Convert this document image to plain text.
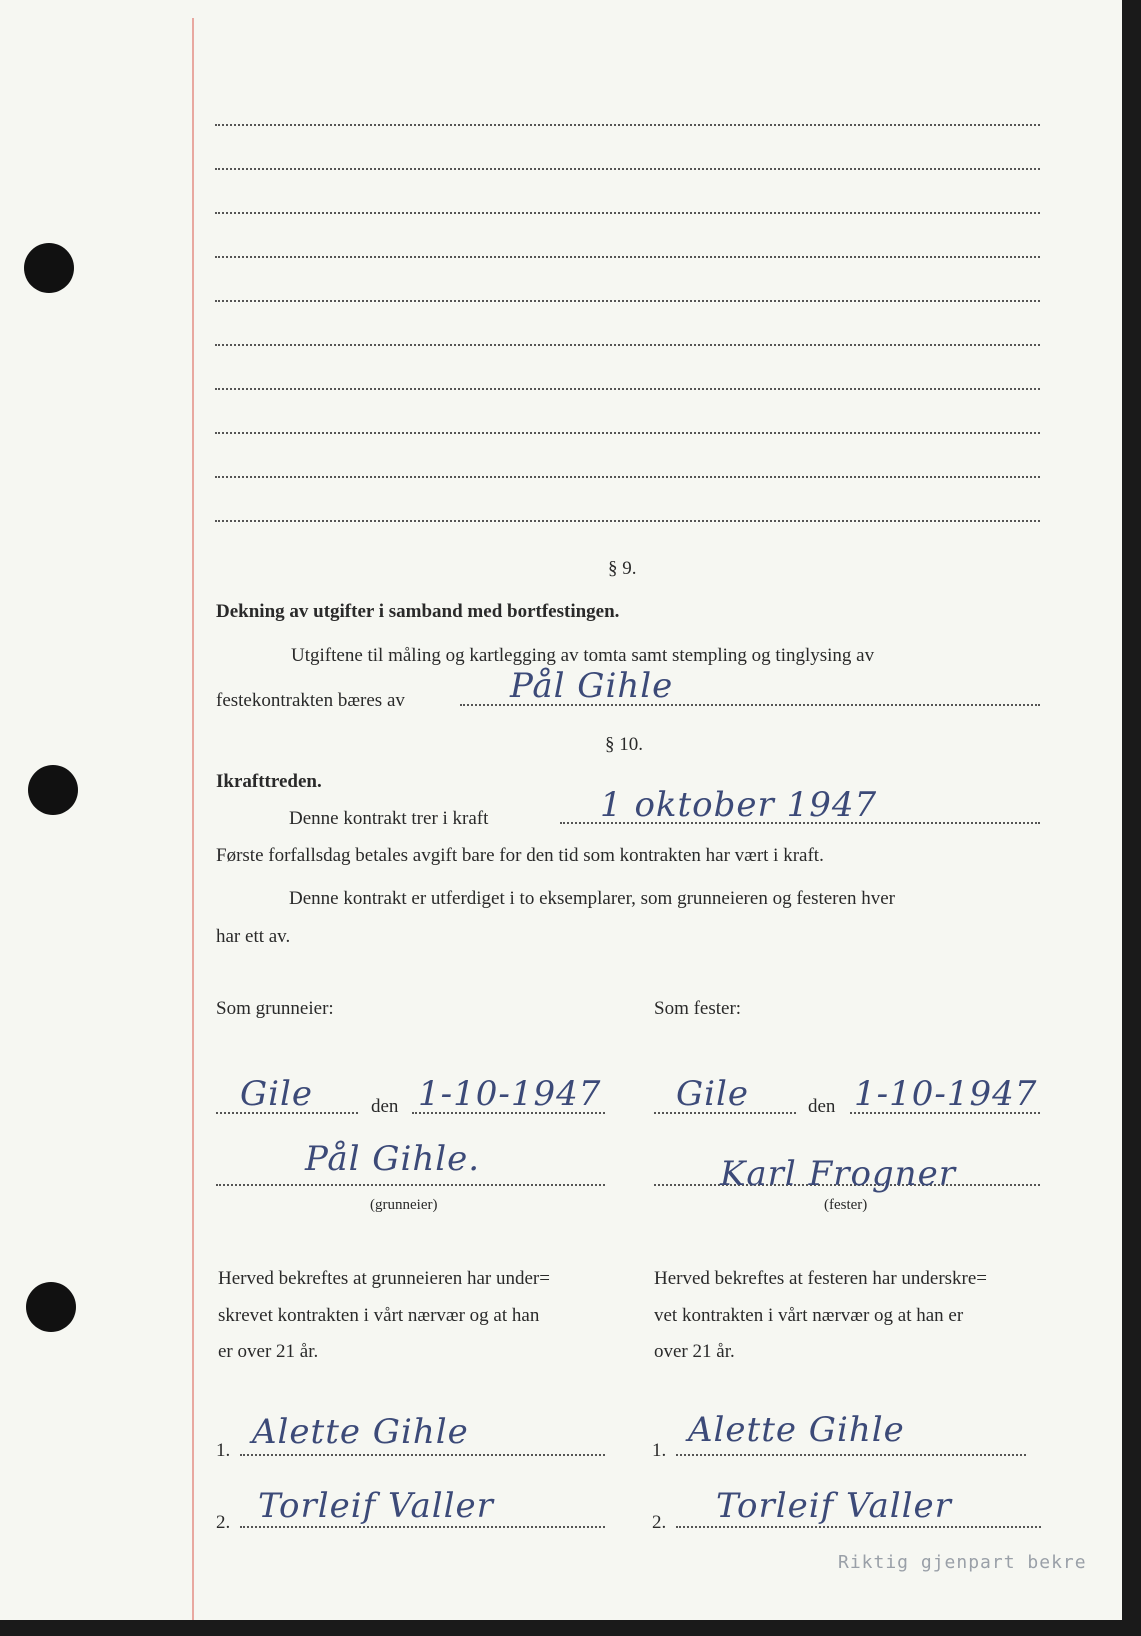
§ 9.
Dekning av utgifter i samband med bortfestingen.
Utgiftene til måling og kartlegging av tomta samt stempling og tinglysing av
festekontrakten bæres av	Pål Gihle
§ 10.
Ikrafttreden.
Denne kontrakt trer i kraft	1 oktober 1947
Første forfallsdag betales avgift bare for den tid som kontrakten har vært i kraft.
Denne kontrakt er utferdiget i to eksemplarer, som grunneieren og festeren hver
har ett av.
Som grunneier:
Gile	den 1-10-1947
Pål Gihle.
(grunneier)
Herved bekreftes at grunneieren har under=
skrevet kontrakten i vårt nærvær og at han
er over 21 år.
1. Alette Gihle
2. Torleif Valler
Som fester:
Gile	den 1-10-1947
Karl Frogner
(fester)
Herved bekreftes at festeren har underskre=
vet kontrakten i vårt nærvær og at han er
over 21 år.
1.
Alette Gihle
2. Torleif Valler
Riktig gjenpart bekre
